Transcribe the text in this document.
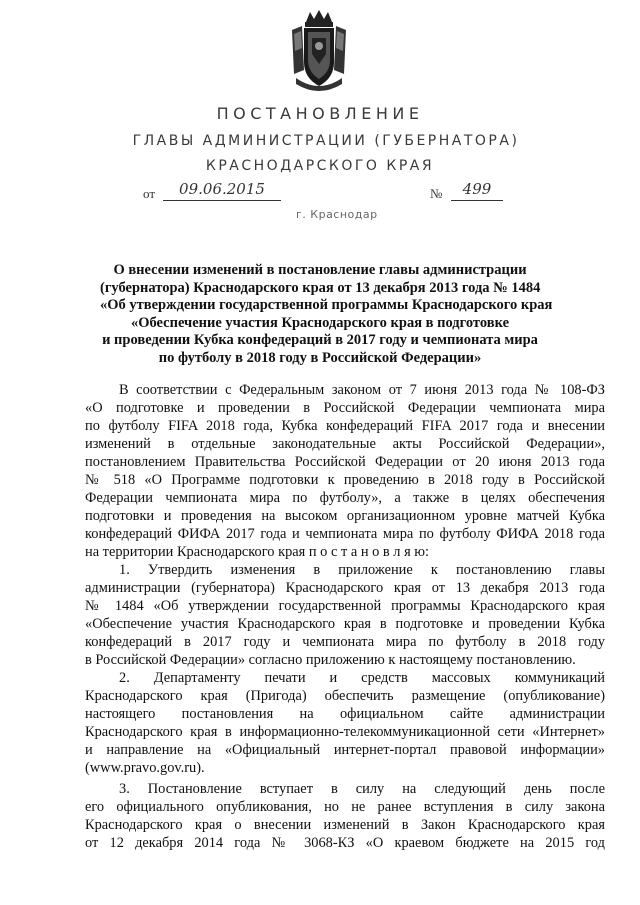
ПОСТАНОВЛЕНИЕ
ГЛАВЫ АДМИНИСТРАЦИИ (ГУБЕРНАТОРА)
КРАСНОДАРСКОГО КРАЯ
от	09.06.2015	№	499
г. Краснодар
О внесении изменений в постановление главы администрации
(губернатора) Краснодарского края от 13 декабря 2013 года № 1484
«Об утверждении государственной программы Краснодарского края
«Обеспечение участия Краснодарского края в подготовке
и проведении Кубка конфедераций в 2017 году и чемпионата мира
по футболу в 2018 году в Российской Федерации»
В соответствии с Федеральным законом от 7 июня 2013 года № 108-ФЗ
«О подготовке и проведении в Российской Федерации чемпионата мира
по футболу FIFA 2018 года, Кубка конфедераций FIFA 2017 года и внесении
изменений в отдельные законодательные акты Российской Федерации»,
постановлением Правительства Российской Федерации от 20 июня 2013 года
№ 518 «О Программе подготовки к проведению в 2018 году в Российской
Федерации чемпионата мира по футболу», а также в целях обеспечения
подготовки и проведения на высоком организационном уровне матчей Кубка
конфедераций ФИФА 2017 года и чемпионата мира по футболу ФИФА 2018 года
на территории Краснодарского края п о с т а н о в л я ю:
1. Утвердить изменения в приложение к постановлению главы
администрации (губернатора) Краснодарского края от 13 декабря 2013 года
№ 1484 «Об утверждении государственной программы Краснодарского края
«Обеспечение участия Краснодарского края в подготовке и проведении Кубка
конфедераций в 2017 году и чемпионата мира по футболу в 2018 году
в Российской Федерации» согласно приложению к настоящему постановлению.
2. Департаменту печати и средств массовых коммуникаций
Краснодарского края (Пригода) обеспечить размещение (опубликование)
настоящего постановления на официальном сайте администрации
Краснодарского края в информационно-телекоммуникационной сети «Интернет»
и направление на «Официальный интернет-портал правовой информации»
(www.pravo.gov.ru).
3. Постановление вступает в силу на следующий день после
его официального опубликования, но не ранее вступления в силу закона
Краснодарского края о внесении изменений в Закон Краснодарского края
от 12 декабря 2014 года № 3068-КЗ «О краевом бюджете на 2015 год
